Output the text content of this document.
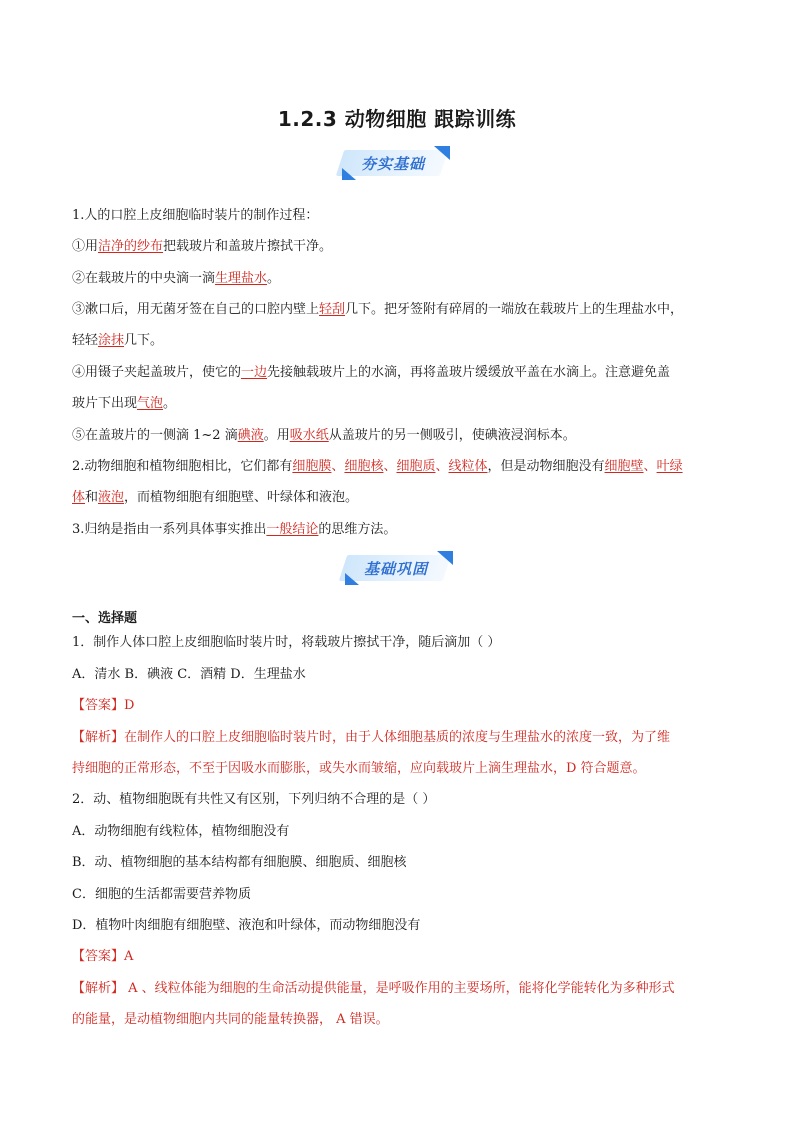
1.2.3 动物细胞 跟踪训练
夯实基础
1.人的口腔上皮细胞临时装片的制作过程：
①用洁净的纱布把载玻片和盖玻片擦拭干净。
②在载玻片的中央滴一滴生理盐水。
③漱口后，用无菌牙签在自己的口腔内壁上轻刮几下。把牙签附有碎屑的一端放在载玻片上的生理盐水中，
轻轻涂抹几下。
④用镊子夹起盖玻片，使它的一边先接触载玻片上的水滴，再将盖玻片缓缓放平盖在水滴上。注意避免盖
玻片下出现气泡。
⑤在盖玻片的一侧滴 1~2 滴碘液。用吸水纸从盖玻片的另一侧吸引，使碘液浸润标本。
2.动物细胞和植物细胞相比，它们都有细胞膜、细胞核、细胞质、线粒体，但是动物细胞没有细胞壁、叶绿
体和液泡，而植物细胞有细胞壁、叶绿体和液泡。
3.归纳是指由一系列具体事实推出一般结论的思维方法。
基础巩固
一、选择题
1．制作人体口腔上皮细胞临时装片时，将载玻片擦拭干净，随后滴加（ ）
A．清水 B．碘液 C．酒精 D．生理盐水
【答案】D
【解析】在制作人的口腔上皮细胞临时装片时，由于人体细胞基质的浓度与生理盐水的浓度一致，为了维
持细胞的正常形态，不至于因吸水而膨胀，或失水而皱缩，应向载玻片上滴生理盐水，D 符合题意。
2．动、植物细胞既有共性又有区别，下列归纳不合理的是（ ）
A．动物细胞有线粒体，植物细胞没有
B．动、植物细胞的基本结构都有细胞膜、细胞质、细胞核
C．细胞的生活都需要营养物质
D．植物叶肉细胞有细胞壁、液泡和叶绿体，而动物细胞没有
【答案】A
【解析】 A 、线粒体能为细胞的生命活动提供能量，是呼吸作用的主要场所，能将化学能转化为多种形式
的能量，是动植物细胞内共同的能量转换器， A 错误。
